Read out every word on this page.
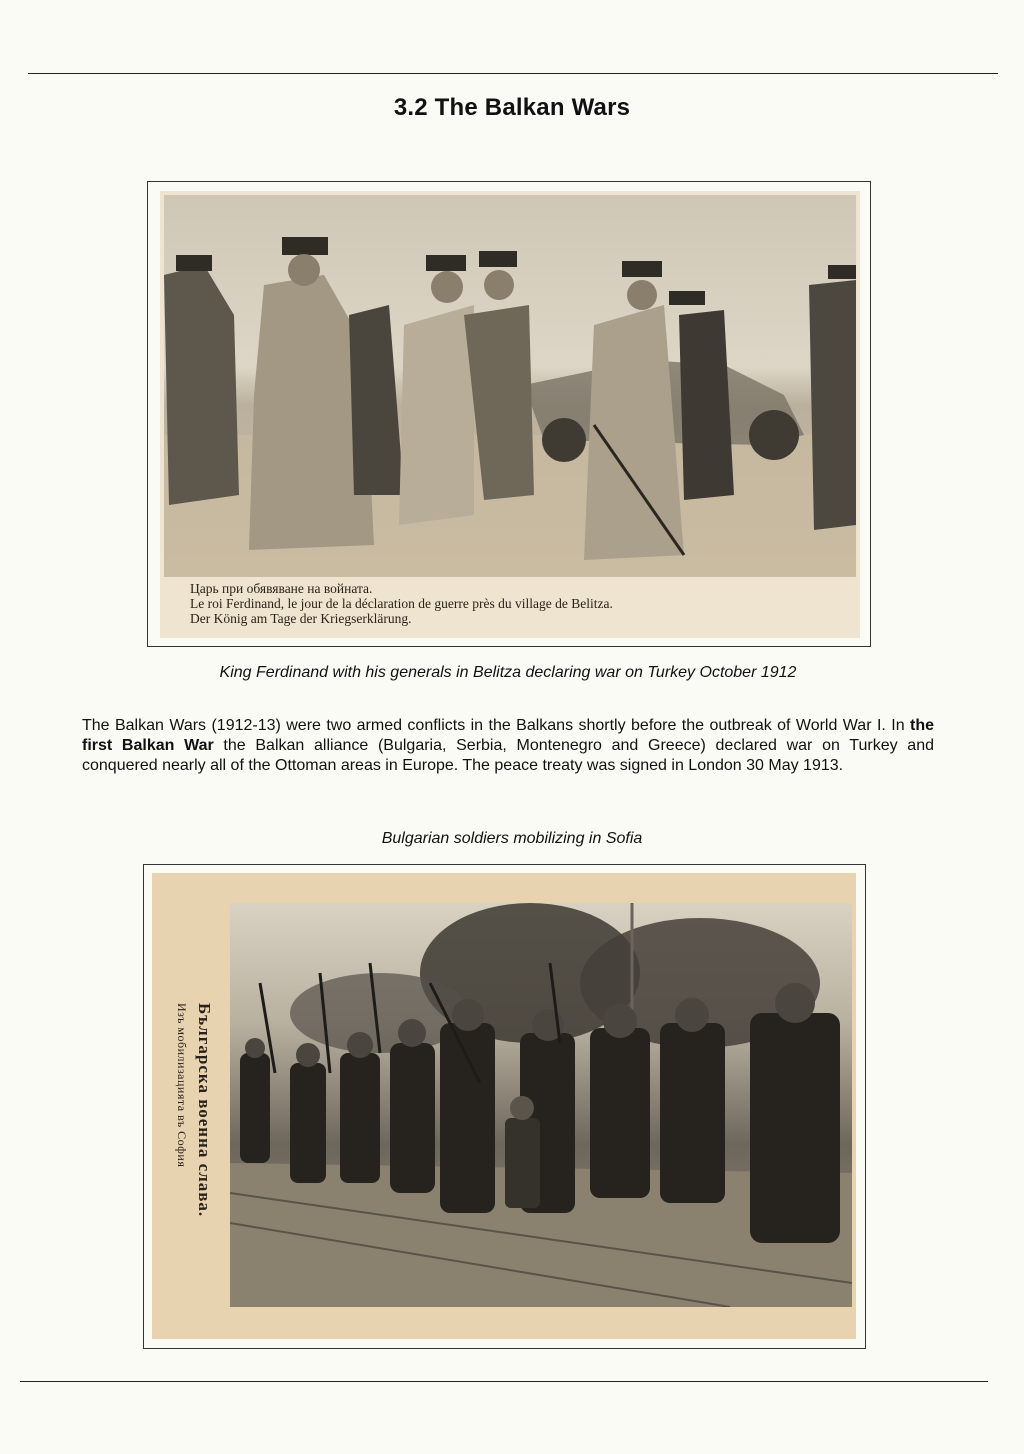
3.2 The Balkan Wars
Царь при обявяване на войната.
Le roi Ferdinand, le jour de la déclaration de guerre près du village de Belitza.
Der König am Tage der Kriegserklärung.
King Ferdinand with his generals in Belitza declaring war on Turkey October 1912

The Balkan Wars (1912-13) were two armed conflicts in the Balkans shortly before the outbreak of World War I. In the first Balkan War the Balkan alliance (Bulgaria, Serbia, Montenegro and Greece) declared war on Turkey and conquered nearly all of the Ottoman areas in Europe. The peace treaty was signed in London 30 May 1913.

Bulgarian soldiers mobilizing in Sofia
Българска военна слава.
Изъ мобилизацията въ София
